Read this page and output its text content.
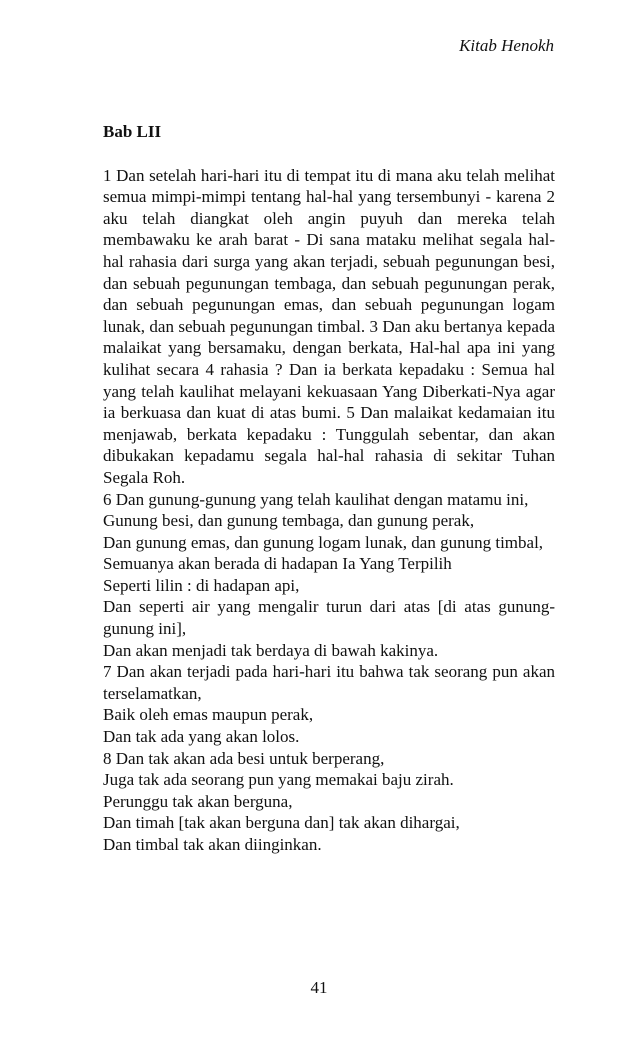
Kitab Henokh

Bab LII

1 Dan setelah hari-hari itu di tempat itu di mana aku telah melihat semua mimpi-mimpi tentang hal-hal yang tersembunyi - karena 2 aku telah diangkat oleh angin puyuh dan mereka telah membawaku ke arah barat - Di sana mataku melihat segala hal-hal rahasia dari surga yang akan terjadi, sebuah pegunungan besi, dan sebuah pegunungan tembaga, dan sebuah pegunungan perak, dan sebuah pegunungan emas, dan sebuah pegunungan logam lunak, dan sebuah pegunungan timbal. 3 Dan aku bertanya kepada malaikat yang bersamaku, dengan berkata, Hal-hal apa ini yang kulihat secara 4 rahasia ? Dan ia berkata kepadaku : Semua hal yang telah kaulihat melayani kekuasaan Yang Diberkati-Nya agar ia berkuasa dan kuat di atas bumi. 5 Dan malaikat kedamaian itu menjawab, berkata kepadaku : Tunggulah sebentar, dan akan dibukakan kepadamu segala hal-hal rahasia di sekitar Tuhan Segala Roh.

6 Dan gunung-gunung yang telah kaulihat dengan matamu ini,

Gunung besi, dan gunung tembaga, dan gunung perak,

Dan gunung emas, dan gunung logam lunak, dan gunung timbal,

Semuanya akan berada di hadapan Ia Yang Terpilih

Seperti lilin : di hadapan api,

Dan seperti air yang mengalir turun dari atas [di atas gunung-gunung ini],

Dan akan menjadi tak berdaya di bawah kakinya.

7 Dan akan terjadi pada hari-hari itu bahwa tak seorang pun akan terselamatkan,

Baik oleh emas maupun perak,

Dan tak ada yang akan lolos.

8 Dan tak akan ada besi untuk berperang,

Juga tak ada seorang pun yang memakai baju zirah.

Perunggu tak akan berguna,

Dan timah [tak akan berguna dan] tak akan dihargai,

Dan timbal tak akan diinginkan.

41
